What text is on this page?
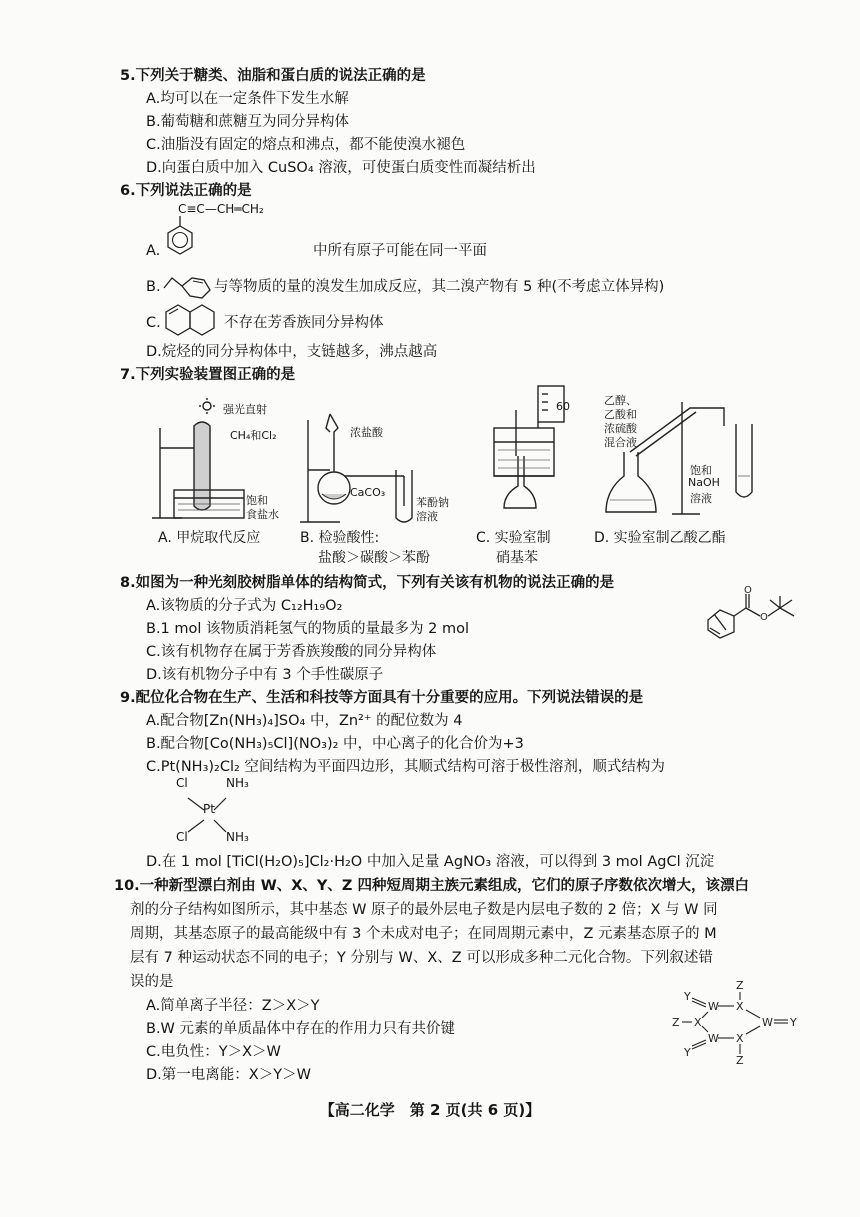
5.下列关于糖类、油脂和蛋白质的说法正确的是
A.均可以在一定条件下发生水解
B.葡萄糖和蔗糖互为同分异构体
C.油脂没有固定的熔点和沸点，都不能使溴水褪色
D.向蛋白质中加入 CuSO₄ 溶液，可使蛋白质变性而凝结析出
6.下列说法正确的是
C≡C—CH═CH₂
A.	中所有原子可能在同一平面
B.	与等物质的量的溴发生加成反应，其二溴产物有 5 种(不考虑立体异构)
C.	不存在芳香族同分异构体
D.烷烃的同分异构体中，支链越多，沸点越高
7.下列实验装置图正确的是
强光直射
CH₄和Cl₂
饱和
食盐水
A. 甲烷取代反应
浓盐酸
CaCO₃
苯酚钠
溶液
B. 检验酸性:
盐酸＞碳酸＞苯酚
60
C. 实验室制
硝基苯
乙醇、
乙酸和
浓硫酸
混合液
饱和
NaOH
溶液
D. 实验室制乙酸乙酯
8.如图为一种光刻胶树脂单体的结构简式，下列有关该有机物的说法正确的是
A.该物质的分子式为 C₁₂H₁₉O₂
B.1 mol 该物质消耗氢气的物质的量最多为 2 mol
C.该有机物存在属于芳香族羧酸的同分异构体
D.该有机物分子中有 3 个手性碳原子
O
O
9.配位化合物在生产、生活和科技等方面具有十分重要的应用。下列说法错误的是
A.配合物[Zn(NH₃)₄]SO₄ 中，Zn²⁺ 的配位数为 4
B.配合物[Co(NH₃)₅Cl](NO₃)₂ 中，中心离子的化合价为+3
C.Pt(NH₃)₂Cl₂ 空间结构为平面四边形，其顺式结构可溶于极性溶剂，顺式结构为
Cl	NH₃
Pt
Cl	NH₃
D.在 1 mol [TiCl(H₂O)₅]Cl₂·H₂O 中加入足量 AgNO₃ 溶液，可以得到 3 mol AgCl 沉淀
10.一种新型漂白剂由 W、X、Y、Z 四种短周期主族元素组成，它们的原子序数依次增大，该漂白
剂的分子结构如图所示，其中基态 W 原子的最外层电子数是内层电子数的 2 倍；X 与 W 同
周期，其基态原子的最高能级中有 3 个未成对电子；在同周期元素中，Z 元素基态原子的 M
层有 7 种运动状态不同的电子；Y 分别与 W、X、Z 可以形成多种二元化合物。下列叙述错
误的是
A.简单离子半径：Z＞X＞Y
B.W 元素的单质晶体中存在的作用力只有共价键
C.电负性：Y＞X＞W
D.第一电离能：X＞Y＞W
Z
Y
W X
Z X	W Y
W X
Y
Z
【高二化学　第 2 页(共 6 页)】
